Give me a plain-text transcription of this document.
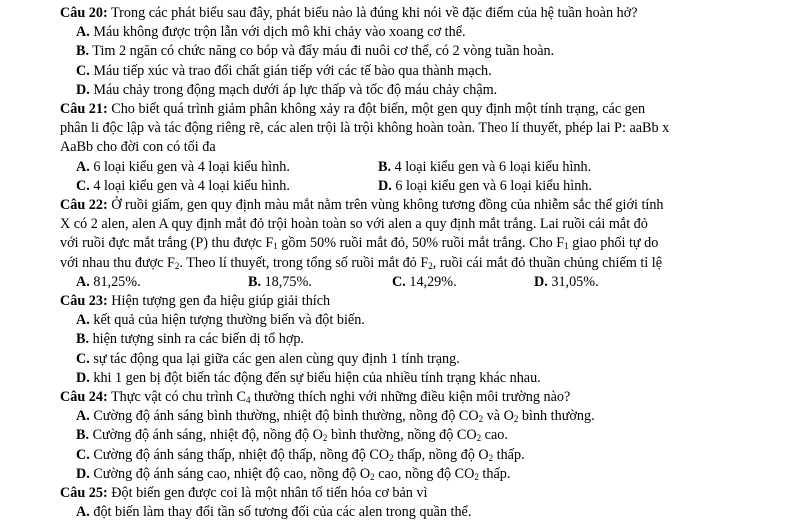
Câu 20: Trong các phát biểu sau đây, phát biểu nào là đúng khi nói về đặc điểm của hệ tuần hoàn hở?
A. Máu không được trộn lẫn với dịch mô khi chảy vào xoang cơ thể.
B. Tim 2 ngăn có chức năng co bóp và đẩy máu đi nuôi cơ thể, có 2 vòng tuần hoàn.
C. Máu tiếp xúc và trao đổi chất gián tiếp với các tế bào qua thành mạch.
D. Máu chảy trong động mạch dưới áp lực thấp và tốc độ máu chảy chậm.
Câu 21: Cho biết quá trình giảm phân không xảy ra đột biến, một gen quy định một tính trạng, các gen
phân li độc lập và tác động riêng rẽ, các alen trội là trội không hoàn toàn. Theo lí thuyết, phép lai P: aaBb x
AaBb cho đời con có tối đa
A. 6 loại kiểu gen và 4 loại kiểu hình.	B. 4 loại kiểu gen và 6 loại kiểu hình.
C. 4 loại kiểu gen và 4 loại kiểu hình.	D. 6 loại kiểu gen và 6 loại kiểu hình.
Câu 22: Ở ruồi giấm, gen quy định màu mắt nằm trên vùng không tương đồng của nhiễm sắc thể giới tính
X có 2 alen, alen A quy định mắt đỏ trội hoàn toàn so với alen a quy định mắt trắng. Lai ruồi cái mắt đỏ
với ruồi đực mắt trắng (P) thu được $F_1$ gồm 50% ruồi mắt đỏ, 50% ruồi mắt trắng. Cho $F_1$ giao phối tự do
với nhau thu được $F_2$. Theo lí thuyết, trong tổng số ruồi mắt đỏ $F_2$, ruồi cái mắt đỏ thuần chủng chiếm tỉ lệ
A. 81,25%.	B. 18,75%.	C. 14,29%.	D. 31,05%.
Câu 23: Hiện tượng gen đa hiệu giúp giải thích
A. kết quả của hiện tượng thường biến và đột biến.
B. hiện tượng sinh ra các biến dị tổ hợp.
C. sự tác động qua lại giữa các gen alen cùng quy định 1 tính trạng.
D. khi 1 gen bị đột biến tác động đến sự biểu hiện của nhiều tính trạng khác nhau.
Câu 24: Thực vật có chu trình $C_4$ thường thích nghi với những điều kiện môi trường nào?
A. Cường độ ánh sáng bình thường, nhiệt độ bình thường, nồng độ $CO_2$ và $O_2$ bình thường.
B. Cường độ ánh sáng, nhiệt độ, nồng độ $O_2$ bình thường, nồng độ $CO_2$ cao.
C. Cường độ ánh sáng thấp, nhiệt độ thấp, nồng độ $CO_2$ thấp, nồng độ $O_2$ thấp.
D. Cường độ ánh sáng cao, nhiệt độ cao, nồng độ $O_2$ cao, nồng độ $CO_2$ thấp.
Câu 25: Đột biến gen được coi là một nhân tố tiến hóa cơ bản vì
A. đột biến làm thay đổi tần số tương đối của các alen trong quần thể.
